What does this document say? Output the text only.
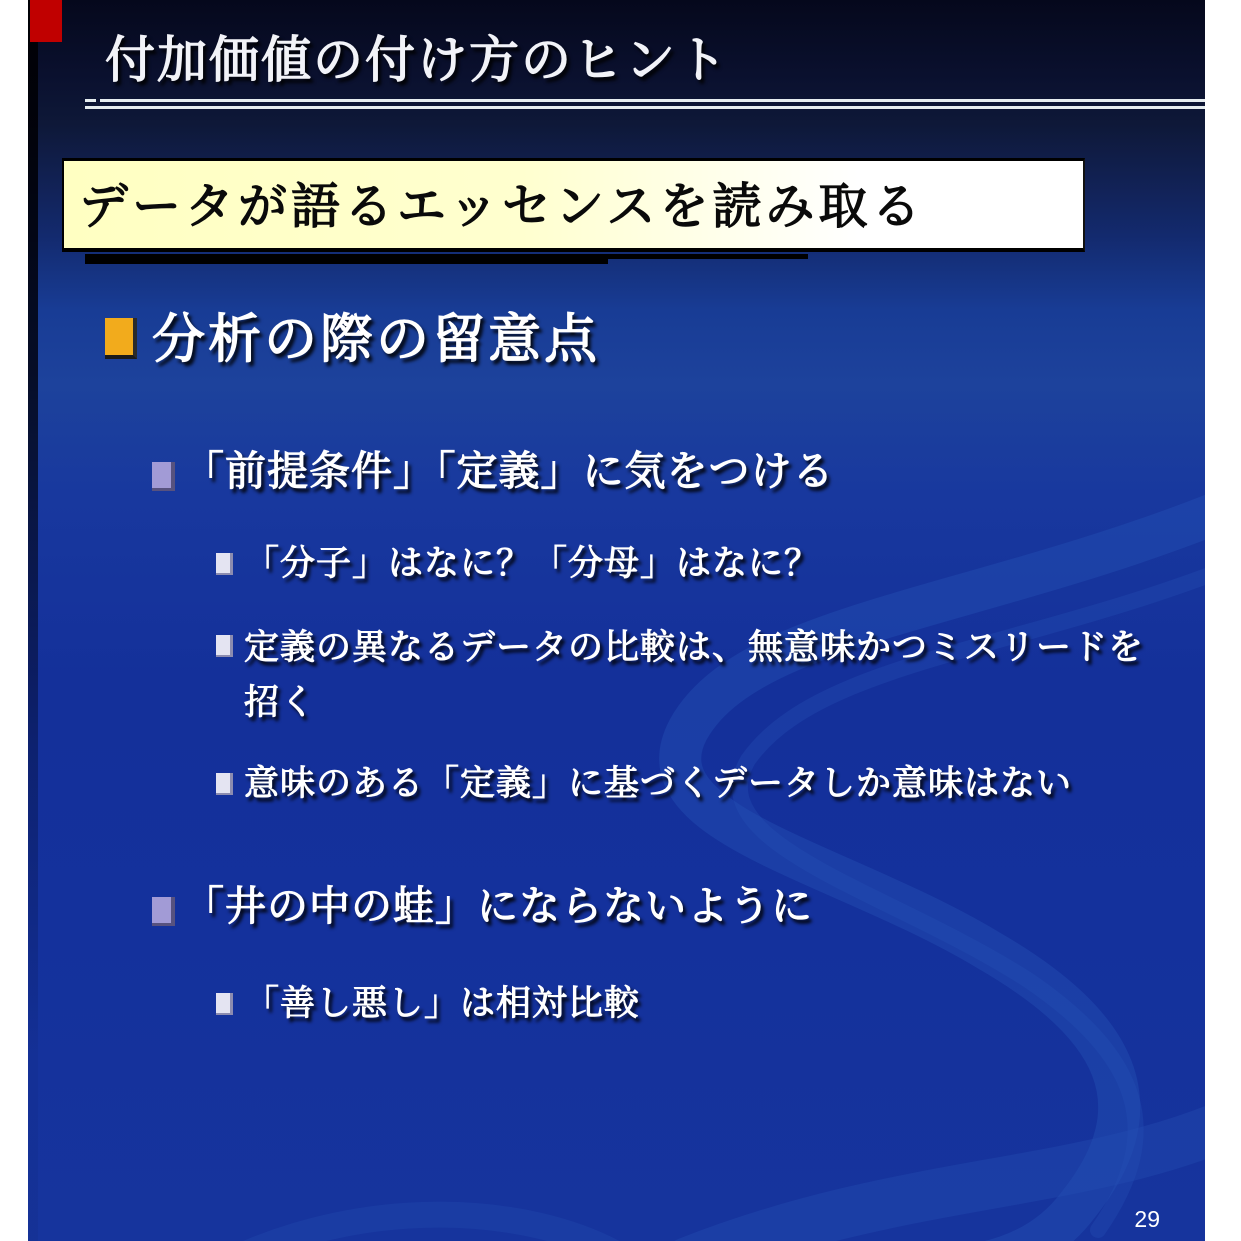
付加価値の付け方のヒント
データが語るエッセンスを読み取る
分析の際の留意点
「前提条件」「定義」に気をつける
「分子」はなに？「分母」はなに？
定義の異なるデータの比較は、無意味かつミスリードを招く
意味のある「定義」に基づくデータしか意味はない
「井の中の蛙」にならないように
「善し悪し」は相対比較
29
